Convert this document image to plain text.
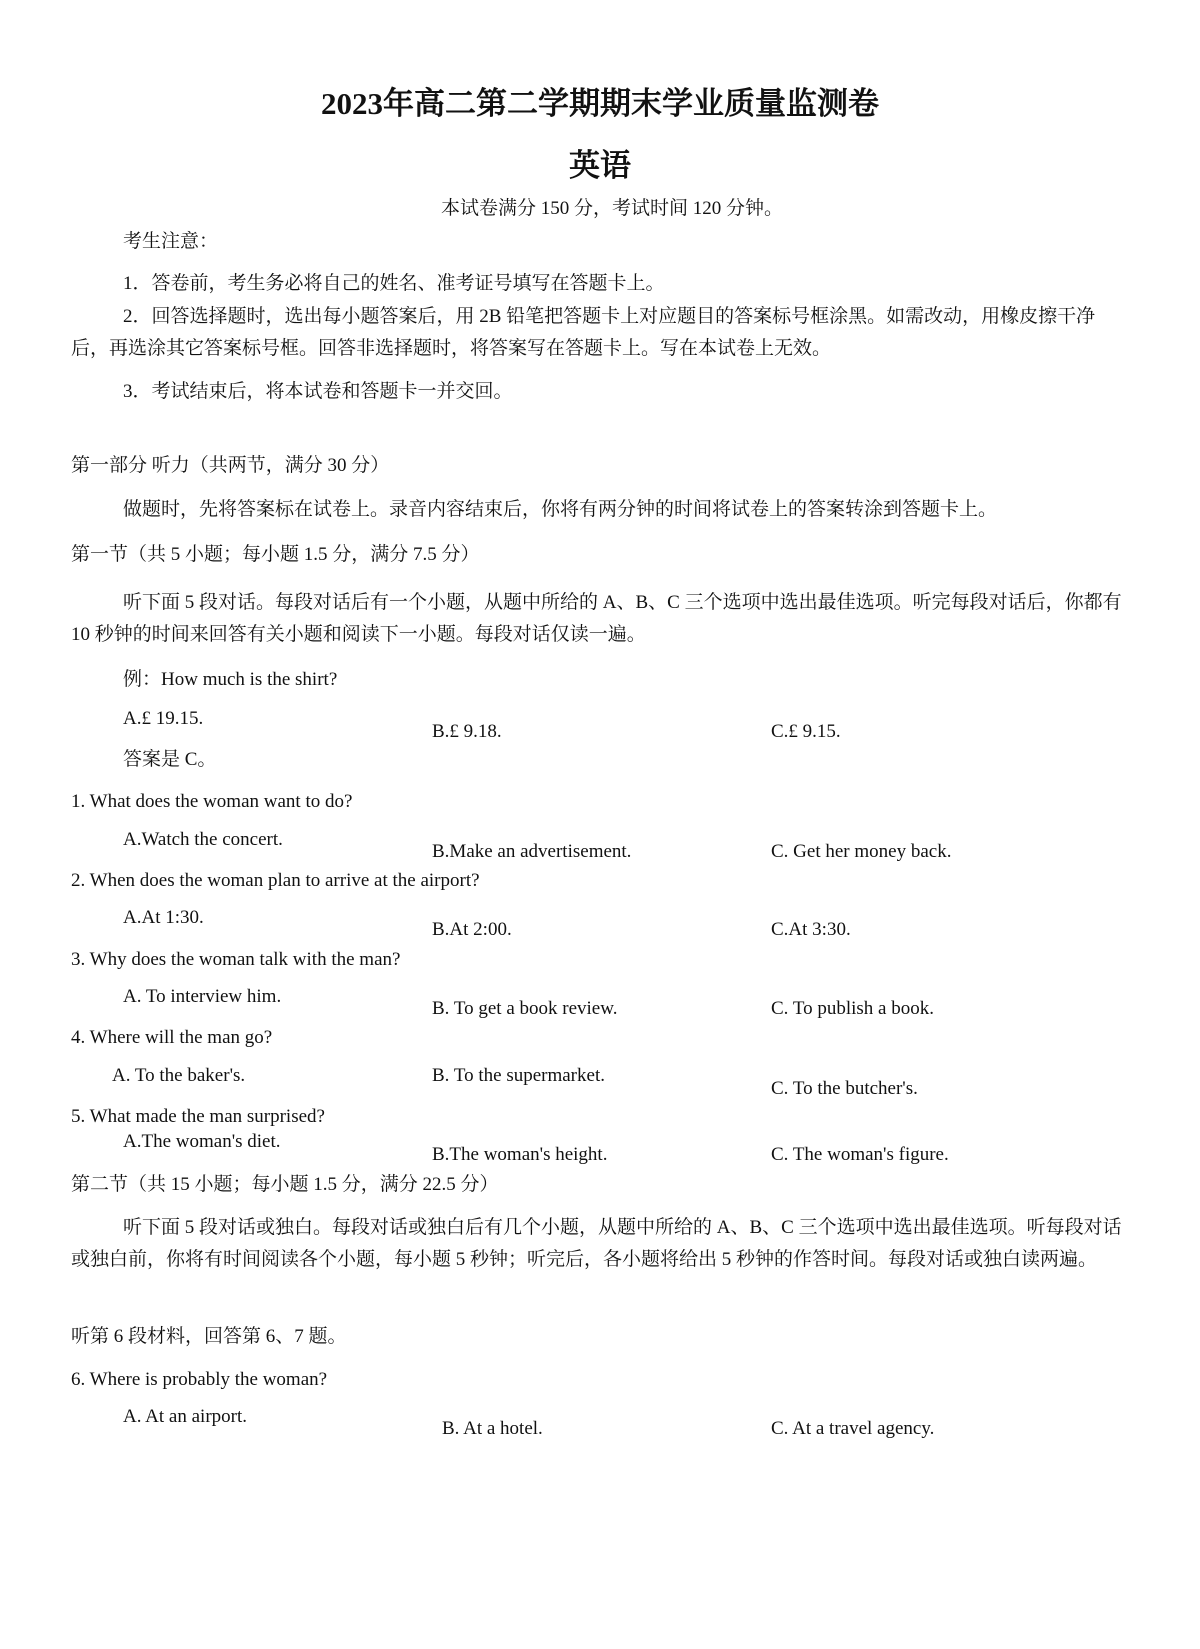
2023年高二第二学期期末学业质量监测卷
英语
本试卷满分 150 分，考试时间 120 分钟。
考生注意：
1．答卷前，考生务必将自己的姓名、准考证号填写在答题卡上。
2．回答选择题时，选出每小题答案后，用 2B 铅笔把答题卡上对应题目的答案标号框涂黑。如需改动，用橡皮擦干净后，再选涂其它答案标号框。回答非选择题时，将答案写在答题卡上。写在本试卷上无效。
3．考试结束后，将本试卷和答题卡一并交回。
第一部分 听力（共两节，满分 30 分）
做题时，先将答案标在试卷上。录音内容结束后，你将有两分钟的时间将试卷上的答案转涂到答题卡上。
第一节（共 5 小题；每小题 1.5 分，满分 7.5 分）
听下面 5 段对话。每段对话后有一个小题，从题中所给的 A、B、C 三个选项中选出最佳选项。听完每段对话后，你都有 10 秒钟的时间来回答有关小题和阅读下一小题。每段对话仅读一遍。
例：How much is the shirt?
A.£ 19.15.
B.£ 9.18.	C.£ 9.15.
答案是 C。
1. What does the woman want to do?
A.Watch the concert.
B.Make an advertisement.	C. Get her money back.
2. When does the woman plan to arrive at the airport?
A.At 1:30.
B.At 2:00.	C.At 3:30.
3. Why does the woman talk with the man?
A. To interview him.
B. To get a book review.	C. To publish a book.
4. Where will the man go?
A. To the baker's.	B. To the supermarket.
C. To the butcher's.
5. What made the man surprised?
A.The woman's diet.
B.The woman's height.	C. The woman's figure.
第二节（共 15 小题；每小题 1.5 分，满分 22.5 分）
听下面 5 段对话或独白。每段对话或独白后有几个小题，从题中所给的 A、B、C 三个选项中选出最佳选项。听每段对话或独白前，你将有时间阅读各个小题，每小题 5 秒钟；听完后，各小题将给出 5 秒钟的作答时间。每段对话或独白读两遍。
听第 6 段材料，回答第 6、7 题。
6. Where is probably the woman?
A. At an airport.
B. At a hotel.	C. At a travel agency.
